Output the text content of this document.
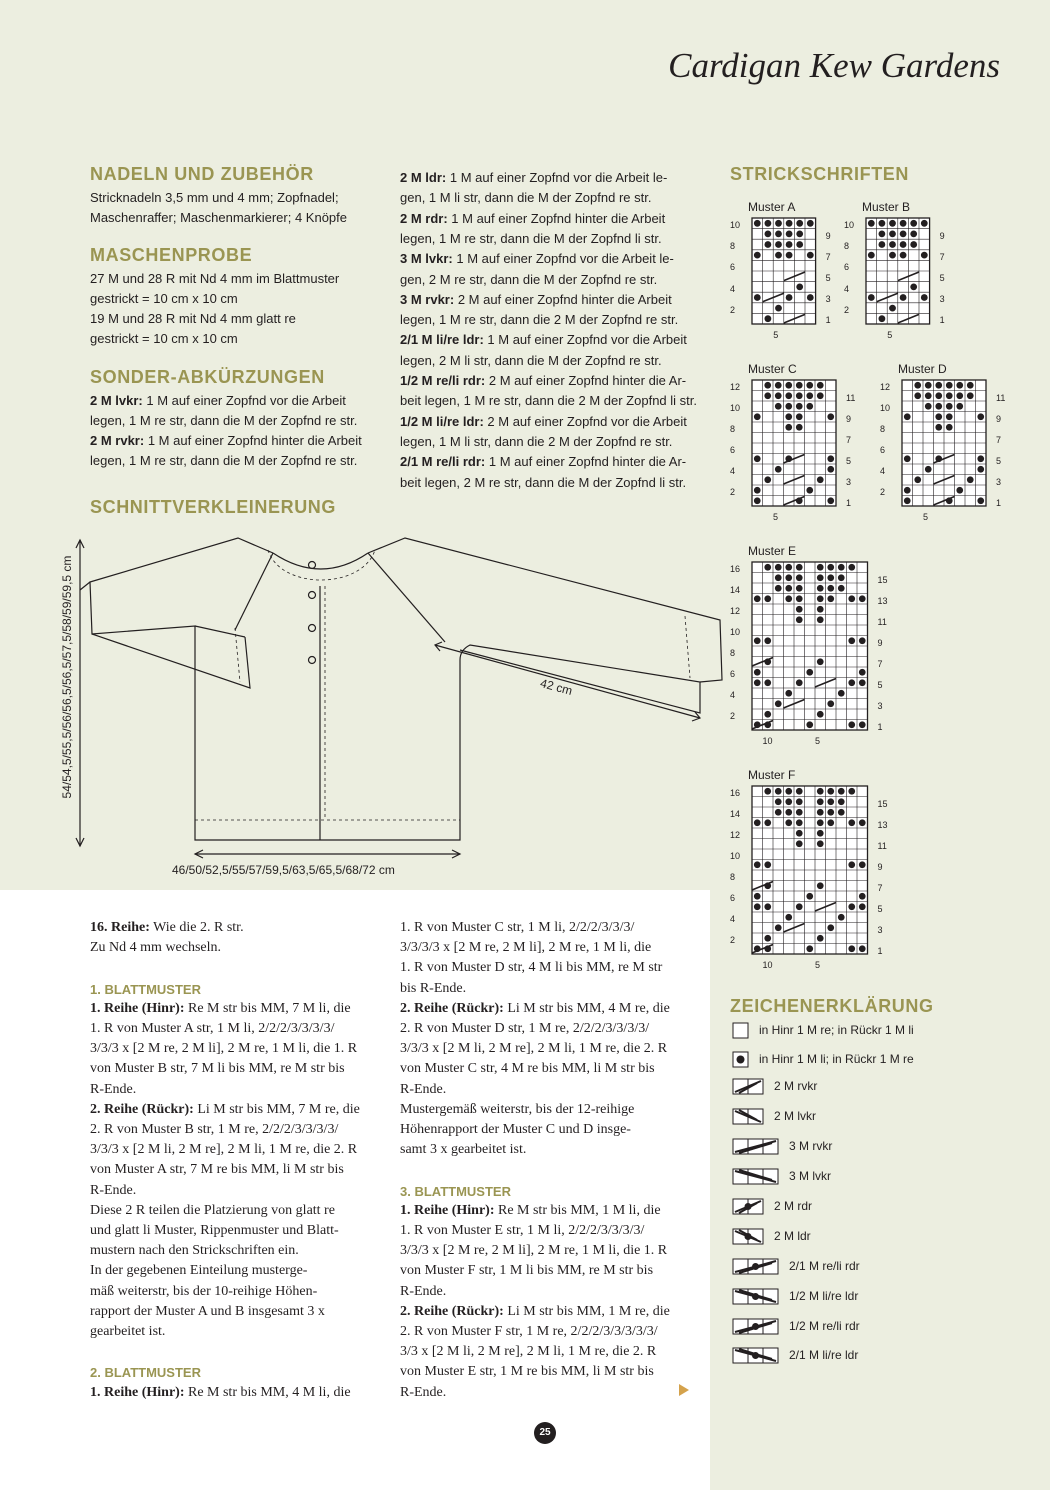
Cardigan Kew Gardens
NADELN UND ZUBEHÖR
Stricknadeln 3,5 mm und 4 mm; Zopfnadel;
Maschenraffer; Maschenmarkierer; 4 Knöpfe
MASCHENPROBE
27 M und 28 R mit Nd 4 mm im Blattmuster
gestrickt = 10 cm x 10 cm
19 M und 28 R mit Nd 4 mm glatt re
gestrickt = 10 cm x 10 cm
SONDER-ABKÜRZUNGEN
2 M lvkr: 1 M auf einer Zopfnd vor die Arbeit
legen, 1 M re str, dann die M der Zopfnd re str.
2 M rvkr: 1 M auf einer Zopfnd hinter die Arbeit
legen, 1 M re str, dann die M der Zopfnd re str.
2 M ldr: 1 M auf einer Zopfnd vor die Arbeit le-
gen, 1 M li str, dann die M der Zopfnd re str.
2 M rdr: 1 M auf einer Zopfnd hinter die Arbeit
legen, 1 M re str, dann die M der Zopfnd li str.
3 M lvkr: 1 M auf einer Zopfnd vor die Arbeit le-
gen, 2 M re str, dann die M der Zopfnd re str.
3 M rvkr: 2 M auf einer Zopfnd hinter die Arbeit
legen, 1 M re str, dann die 2 M der Zopfnd re str.
2/1 M li/re ldr: 1 M auf einer Zopfnd vor die Arbeit
legen, 2 M li str, dann die M der Zopfnd re str.
1/2 M re/li rdr: 2 M auf einer Zopfnd hinter die Ar-
beit legen, 1 M re str, dann die 2 M der Zopfnd li str.
1/2 M li/re ldr: 2 M auf einer Zopfnd vor die Arbeit
legen, 1 M li str, dann die 2 M der Zopfnd re str.
2/1 M re/li rdr: 1 M auf einer Zopfnd hinter die Ar-
beit legen, 2 M re str, dann die M der Zopfnd li str.
SCHNITTVERKLEINERUNG
54/54,5/55,5/56/56,5/56,5/57,5/58/59/59,5 cm	42 cm
46/50/52,5/55/57/59,5/63,5/65,5/68/72 cm
STRICKSCHRIFTEN
Muster A
10
8
6
4
2
9
7
5
3
1
5
Muster B
10
8
6
4
2
9
7
5
3
1
5
Muster C
12
10
8
6
4
2
11
9
7
5
3
1
5
Muster D
12
10
8
6
4
2
11
9
7
5
3
1
5
Muster E
16
14
12
10
8
6
4
2
15
13
11
9
7
5
3
1
10	5
Muster F
16
14
12
10
8
6
4
2
15
13
11
9
7
5
3
1
10	5
ZEICHENERKLÄRUNG
in Hinr 1 M re; in Rückr 1 M li
in Hinr 1 M li; in Rückr 1 M re
2 M rvkr
2 M lvkr
3 M rvkr
3 M lvkr
2 M rdr
2 M ldr
2/1 M re/li rdr
1/2 M li/re ldr
1/2 M re/li rdr
2/1 M li/re ldr
16. Reihe: Wie die 2. R str.
Zu Nd 4 mm wechseln.
1. BLATTMUSTER
1. Reihe (Hinr): Re M str bis MM, 7 M li, die
1. R von Muster A str, 1 M li, 2/2/2/3/3/3/3/
3/3/3 x [2 M re, 2 M li], 2 M re, 1 M li, die 1. R
von Muster B str, 7 M li bis MM, re M str bis
R-Ende.
2. Reihe (Rückr): Li M str bis MM, 7 M re, die
2. R von Muster B str, 1 M re, 2/2/2/3/3/3/3/
3/3/3 x [2 M li, 2 M re], 2 M li, 1 M re, die 2. R
von Muster A str, 7 M re bis MM, li M str bis
R-Ende.
Diese 2 R teilen die Platzierung von glatt re
und glatt li Muster, Rippenmuster und Blatt-
mustern nach den Strickschriften ein.
In der gegebenen Einteilung musterge-
mäß weiterstr, bis der 10-reihige Höhen-
rapport der Muster A und B insgesamt 3 x
gearbeitet ist.
2. BLATTMUSTER
1. Reihe (Hinr): Re M str bis MM, 4 M li, die
1. R von Muster C str, 1 M li, 2/2/2/3/3/3/
3/3/3/3 x [2 M re, 2 M li], 2 M re, 1 M li, die
1. R von Muster D str, 4 M li bis MM, re M str
bis R-Ende.
2. Reihe (Rückr): Li M str bis MM, 4 M re, die
2. R von Muster D str, 1 M re, 2/2/2/3/3/3/3/
3/3/3 x [2 M li, 2 M re], 2 M li, 1 M re, die 2. R
von Muster C str, 4 M re bis MM, li M str bis
R-Ende.
Mustergemäß weiterstr, bis der 12-reihige
Höhenrapport der Muster C und D insge-
samt 3 x gearbeitet ist.
3. BLATTMUSTER
1. Reihe (Hinr): Re M str bis MM, 1 M li, die
1. R von Muster E str, 1 M li, 2/2/2/3/3/3/3/
3/3/3 x [2 M re, 2 M li], 2 M re, 1 M li, die 1. R
von Muster F str, 1 M li bis MM, re M str bis
R-Ende.
2. Reihe (Rückr): Li M str bis MM, 1 M re, die
2. R von Muster F str, 1 M re, 2/2/2/3/3/3/3/3/
3/3 x [2 M li, 2 M re], 2 M li, 1 M re, die 2. R
von Muster E str, 1 M re bis MM, li M str bis
R-Ende.
25
